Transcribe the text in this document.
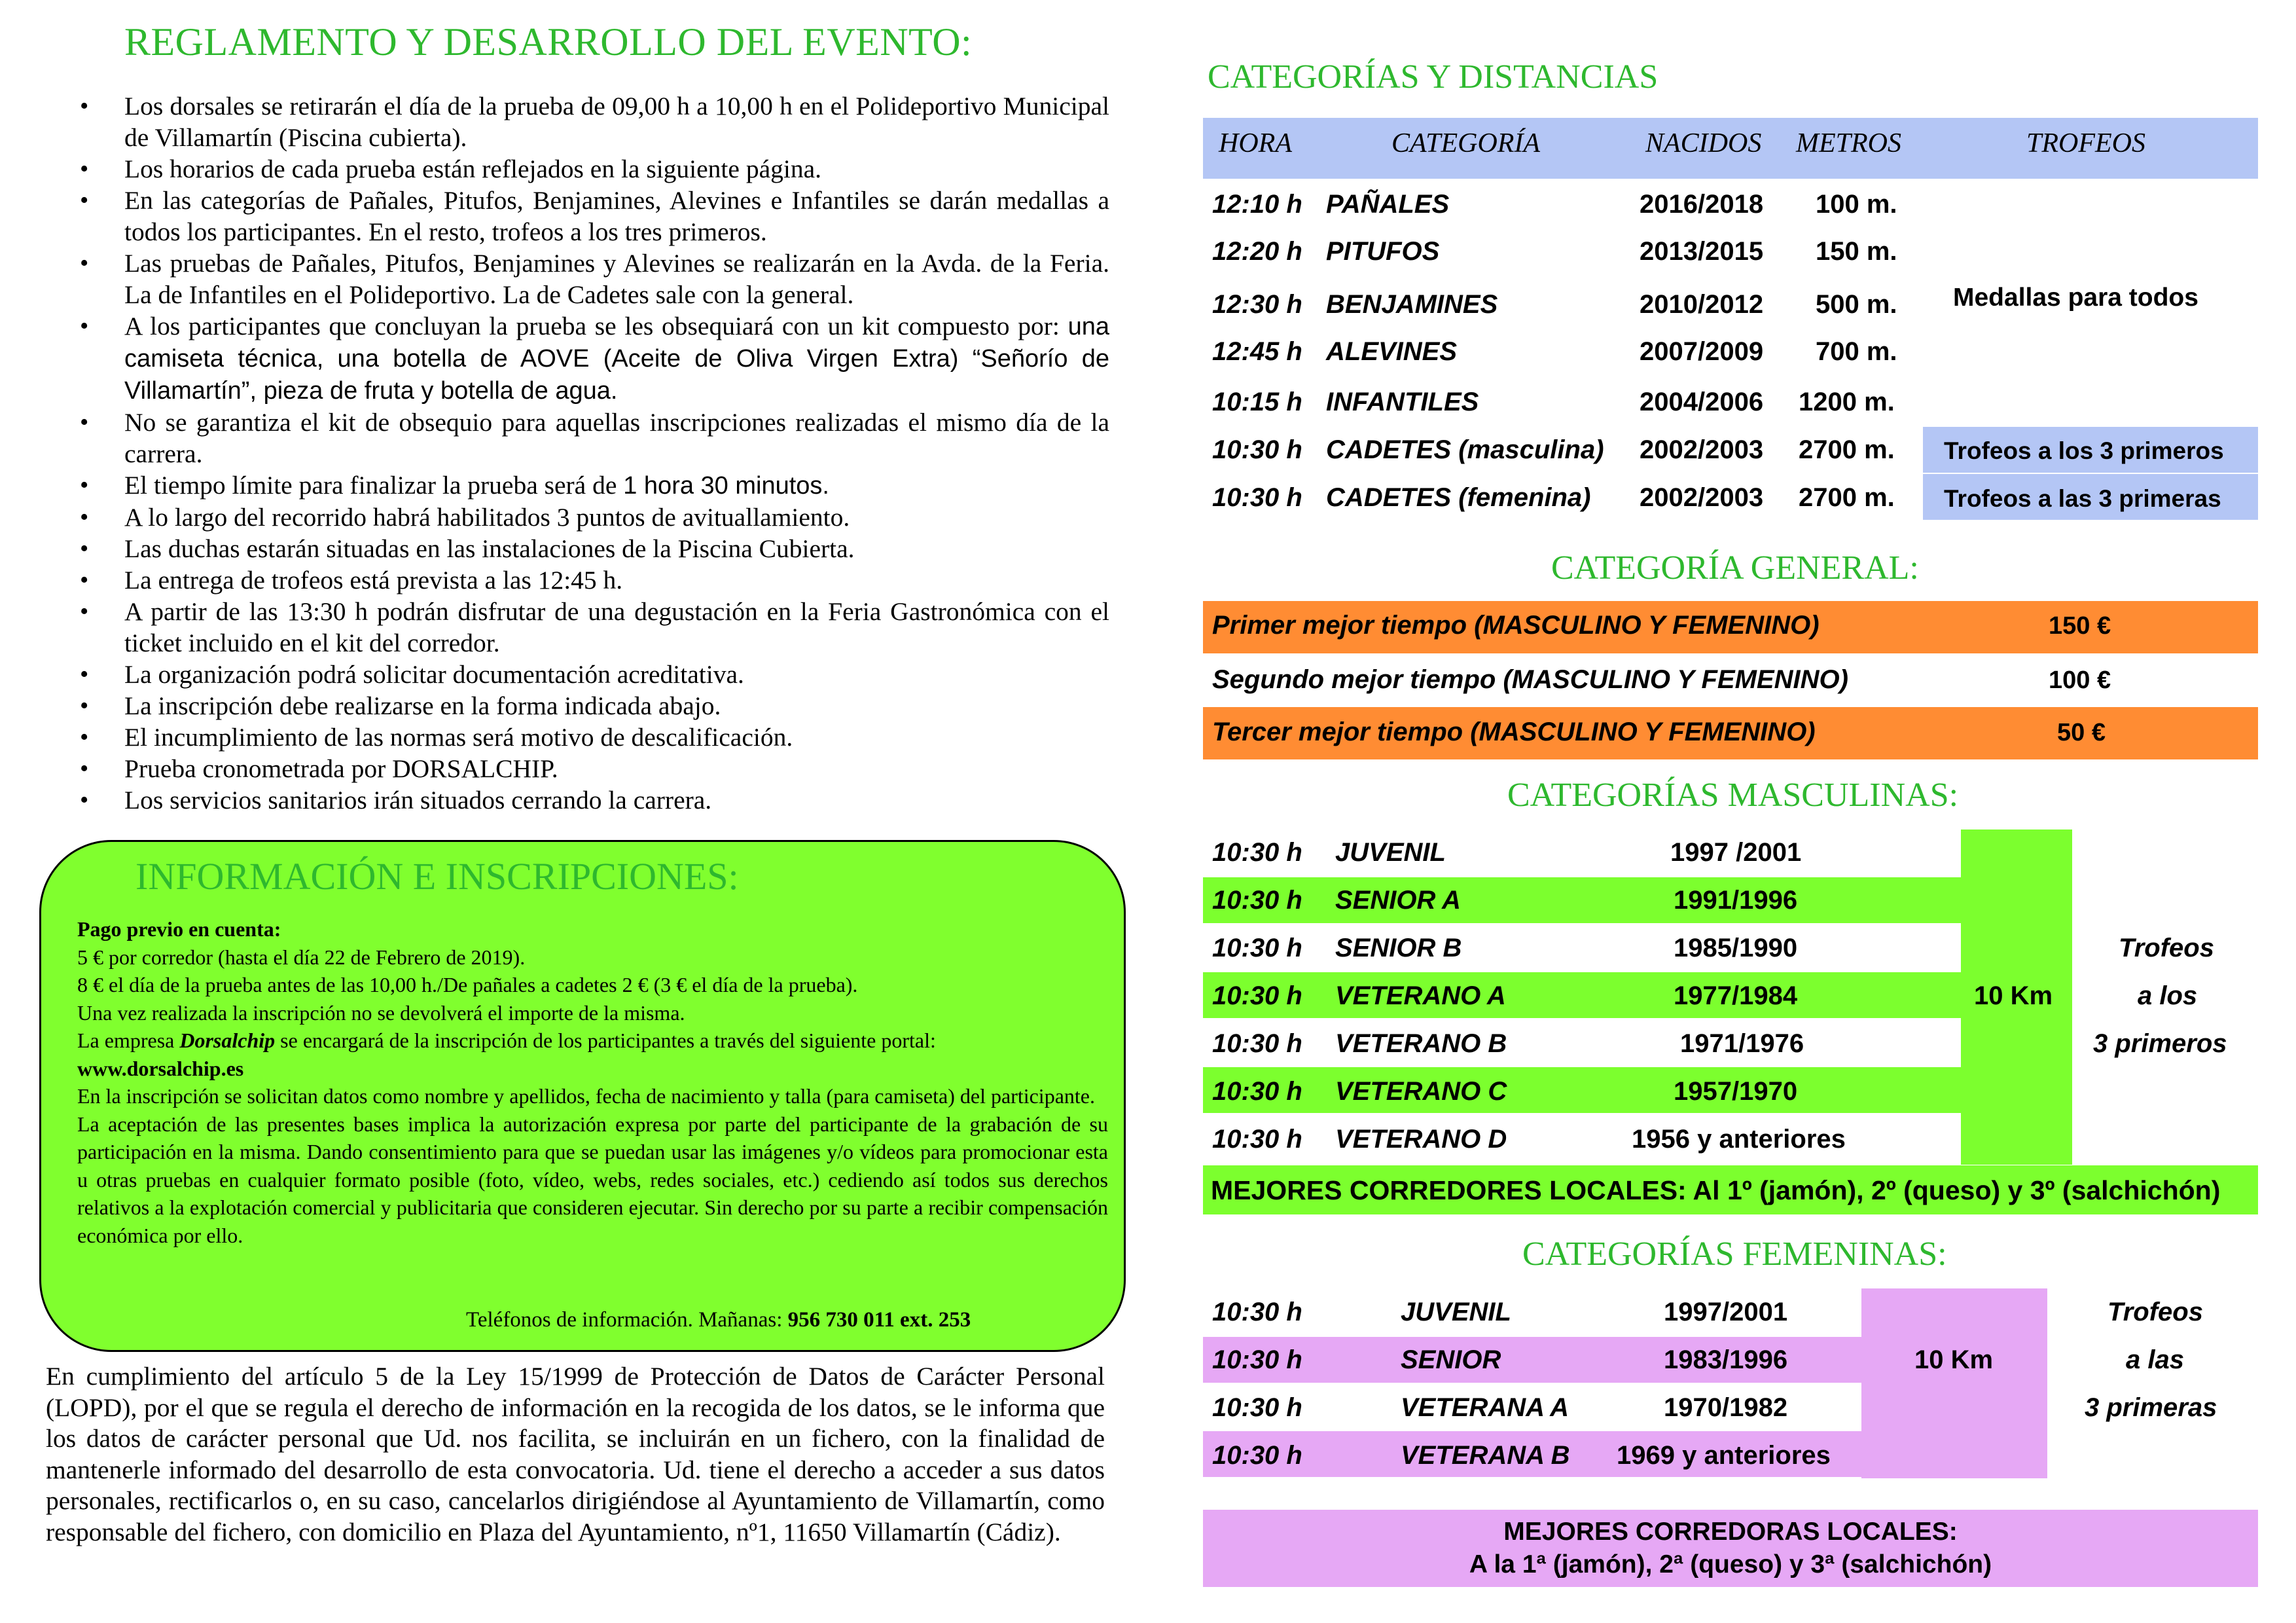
REGLAMENTO Y DESARROLLO DEL EVENTO:
• Los dorsales se retirarán el día de la prueba de 09,00 h a 10,00 h en el Polideportivo Municipal de Villamartín (Piscina cubierta).
• Los horarios de cada prueba están reflejados en la siguiente página.
• En las categorías de Pañales, Pitufos, Benjamines, Alevines e Infantiles se darán medallas a todos los participantes. En el resto, trofeos a los tres primeros.
• Las pruebas de Pañales, Pitufos, Benjamines y Alevines se realizarán en la Avda. de la Feria. La de Infantiles en el Polideportivo. La de Cadetes sale con la general.
• A los participantes que concluyan la prueba se les obsequiará con un kit compuesto por: una camiseta técnica, una botella de AOVE (Aceite de Oliva Virgen Extra) “Señorío de Villamartín”, pieza de fruta y botella de agua.
• No se garantiza el kit de obsequio para aquellas inscripciones realizadas el mismo día de la carrera.
• El tiempo límite para finalizar la prueba será de 1 hora 30 minutos.
• A lo largo del recorrido habrá habilitados 3 puntos de avituallamiento.
• Las duchas estarán situadas en las instalaciones de la Piscina Cubierta.
• La entrega de trofeos está prevista a las 12:45 h.
• A partir de las 13:30 h podrán disfrutar de una degustación en la Feria Gastronómica con el ticket incluido en el kit del corredor.
• La organización podrá solicitar documentación acreditativa.
• La inscripción debe realizarse en la forma indicada abajo.
• El incumplimiento de las normas será motivo de descalificación.
• Prueba cronometrada por DORSALCHIP.
• Los servicios sanitarios irán situados cerrando la carrera.
INFORMACIÓN E INSCRIPCIONES:

Pago previo en cuenta:

5 € por corredor (hasta el día 22 de Febrero de 2019).

8 € el día de la prueba antes de las 10,00 h./De pañales a cadetes 2 € (3 € el día de la prueba).

Una vez realizada la inscripción no se devolverá el importe de la misma.

La empresa Dorsalchip se encargará de la inscripción de los participantes a través del siguiente portal:

www.dorsalchip.es

En la inscripción se solicitan datos como nombre y apellidos, fecha de nacimiento y talla (para camiseta) del participante.

La aceptación de las presentes bases implica la autorización expresa por parte del participante de la grabación de su participación en la misma. Dando consentimiento para que se puedan usar las imágenes y/o vídeos para promocionar esta u otras pruebas en cualquier formato posible (foto, vídeo, webs, redes sociales, etc.) cediendo así todos sus derechos relativos a la explotación comercial y publicitaria que consideren ejecutar. Sin derecho por su parte a recibir compensación económica por ello.

Teléfonos de información. Mañanas: 956 730 011 ext. 253
En cumplimiento del artículo 5 de la Ley 15/1999 de Protección de Datos de Carácter Personal (LOPD), por el que se regula el derecho de información en la recogida de los datos, se le informa que los datos de carácter personal que Ud. nos facilita, se incluirán en un fichero, con la finalidad de mantenerle informado del desarrollo de esta convocatoria. Ud. tiene el derecho a acceder a sus datos personales, rectificarlos o, en su caso, cancelarlos dirigiéndose al Ayuntamiento de Villamartín, como responsable del fichero, con domicilio en Plaza del Ayuntamiento, nº1, 11650 Villamartín (Cádiz).
CATEGORÍAS Y DISTANCIAS
HORA	CATEGORÍA	NACIDOS METROS	TROFEOS
12:10 h PAÑALES	2016/2018 100 m.
12:20 h PITUFOS	2013/2015 150 m.
12:30 h BENJAMINES	2010/2012 500 m.
12:45 h ALEVINES	2007/2009 700 m.
10:15 h INFANTILES	2004/2006 1200 m.
10:30 h CADETES (masculina) 2002/2003 2700 m. Trofeos a los 3 primeros
10:30 h CADETES (femenina) 2002/2003 2700 m. Trofeos a las 3 primeras
Medallas para todos
CATEGORÍA GENERAL:
Primer mejor tiempo (MASCULINO Y FEMENINO)	150 €
Segundo mejor tiempo (MASCULINO Y FEMENINO)	100 €
Tercer mejor tiempo (MASCULINO Y FEMENINO)	50 €
CATEGORÍAS MASCULINAS:
10:30 h JUVENIL	1997 /2001
10:30 h SENIOR A	1991/1996
10:30 h SENIOR B	1985/1990
10:30 h VETERANO A	1977/1984
10:30 h VETERANO B	1971/1976
10:30 h VETERANO C	1957/1970
10:30 h VETERANO D	1956 y anteriores
10 Km
Trofeos
a los
3 primeros
MEJORES CORREDORES LOCALES: Al 1º (jamón), 2º (queso) y 3º (salchichón)
CATEGORÍAS FEMENINAS:
10:30 h	JUVENIL	1997/2001
10:30 h	SENIOR	1983/1996
10:30 h	VETERANA A	1970/1982
10:30 h	VETERANA B 1969 y anteriores
10 Km
Trofeos
a las
3 primeras
MEJORES CORREDORAS LOCALES:
A la 1ª (jamón), 2ª (queso) y 3ª (salchichón)
